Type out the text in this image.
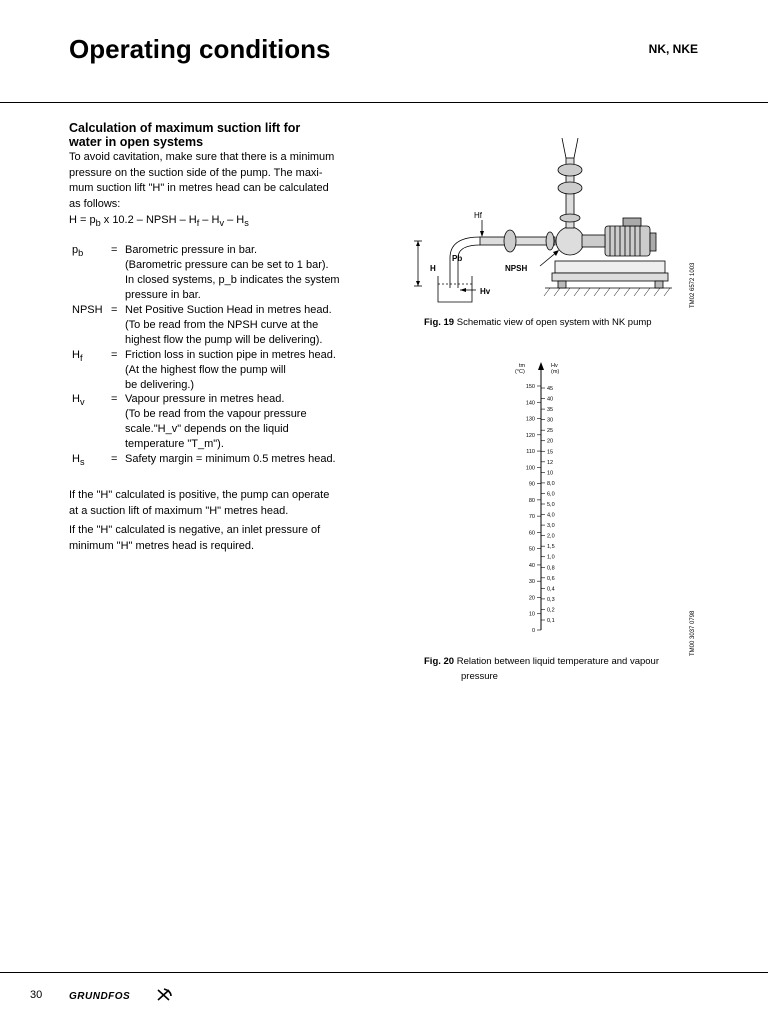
Operating conditions	NK, NKE
Calculation of maximum suction lift for
water in open systems
To avoid cavitation, make sure that there is a minimum
pressure on the suction side of the pump. The maxi-
mum suction lift "H" in metres head can be calculated
as follows:
$H = p_b$ x 10.2 – NPSH – $H_f - H_v - H_s$
$p_b$	= Barometric pressure in bar.
(Barometric pressure can be set to 1 bar).
In closed systems, p_b indicates the system
pressure in bar.
NPSH = Net Positive Suction Head in metres head.
(To be read from the NPSH curve at the
highest flow the pump will be delivering).
$H_f$	= Friction loss in suction pipe in metres head.
(At the highest flow the pump will
be delivering.)
$H_v$ = Vapour pressure in metres head.
(To be read from the vapour pressure
scale."H_v" depends on the liquid
temperature "T_m").
$H_s$ = Safety margin = minimum 0.5 metres head.
If the "H" calculated is positive, the pump can operate
at a suction lift of maximum "H" metres head.
If the "H" calculated is negative, an inlet pressure of
minimum "H" metres head is required.
Hf
H
Pb
NPSH
Hv	TM02 6572 1003
Fig. 19 Schematic view of open system with NK pump
tm
(°C)
Hv
(m)
150
140
130
120
110
100
90
80
70
60
50
40
30
20
10
0
45
40
35
30
25
20
15
12
10
8,0
6,0
5,0
4,0
3,0
2,0
1,5
1,0
0,8
0,6
0,4
0,3
0,2
0,1	TM00 3037 0798
Fig. 20 Relation between liquid temperature and vapour
pressure
30	GRUNDFOS
